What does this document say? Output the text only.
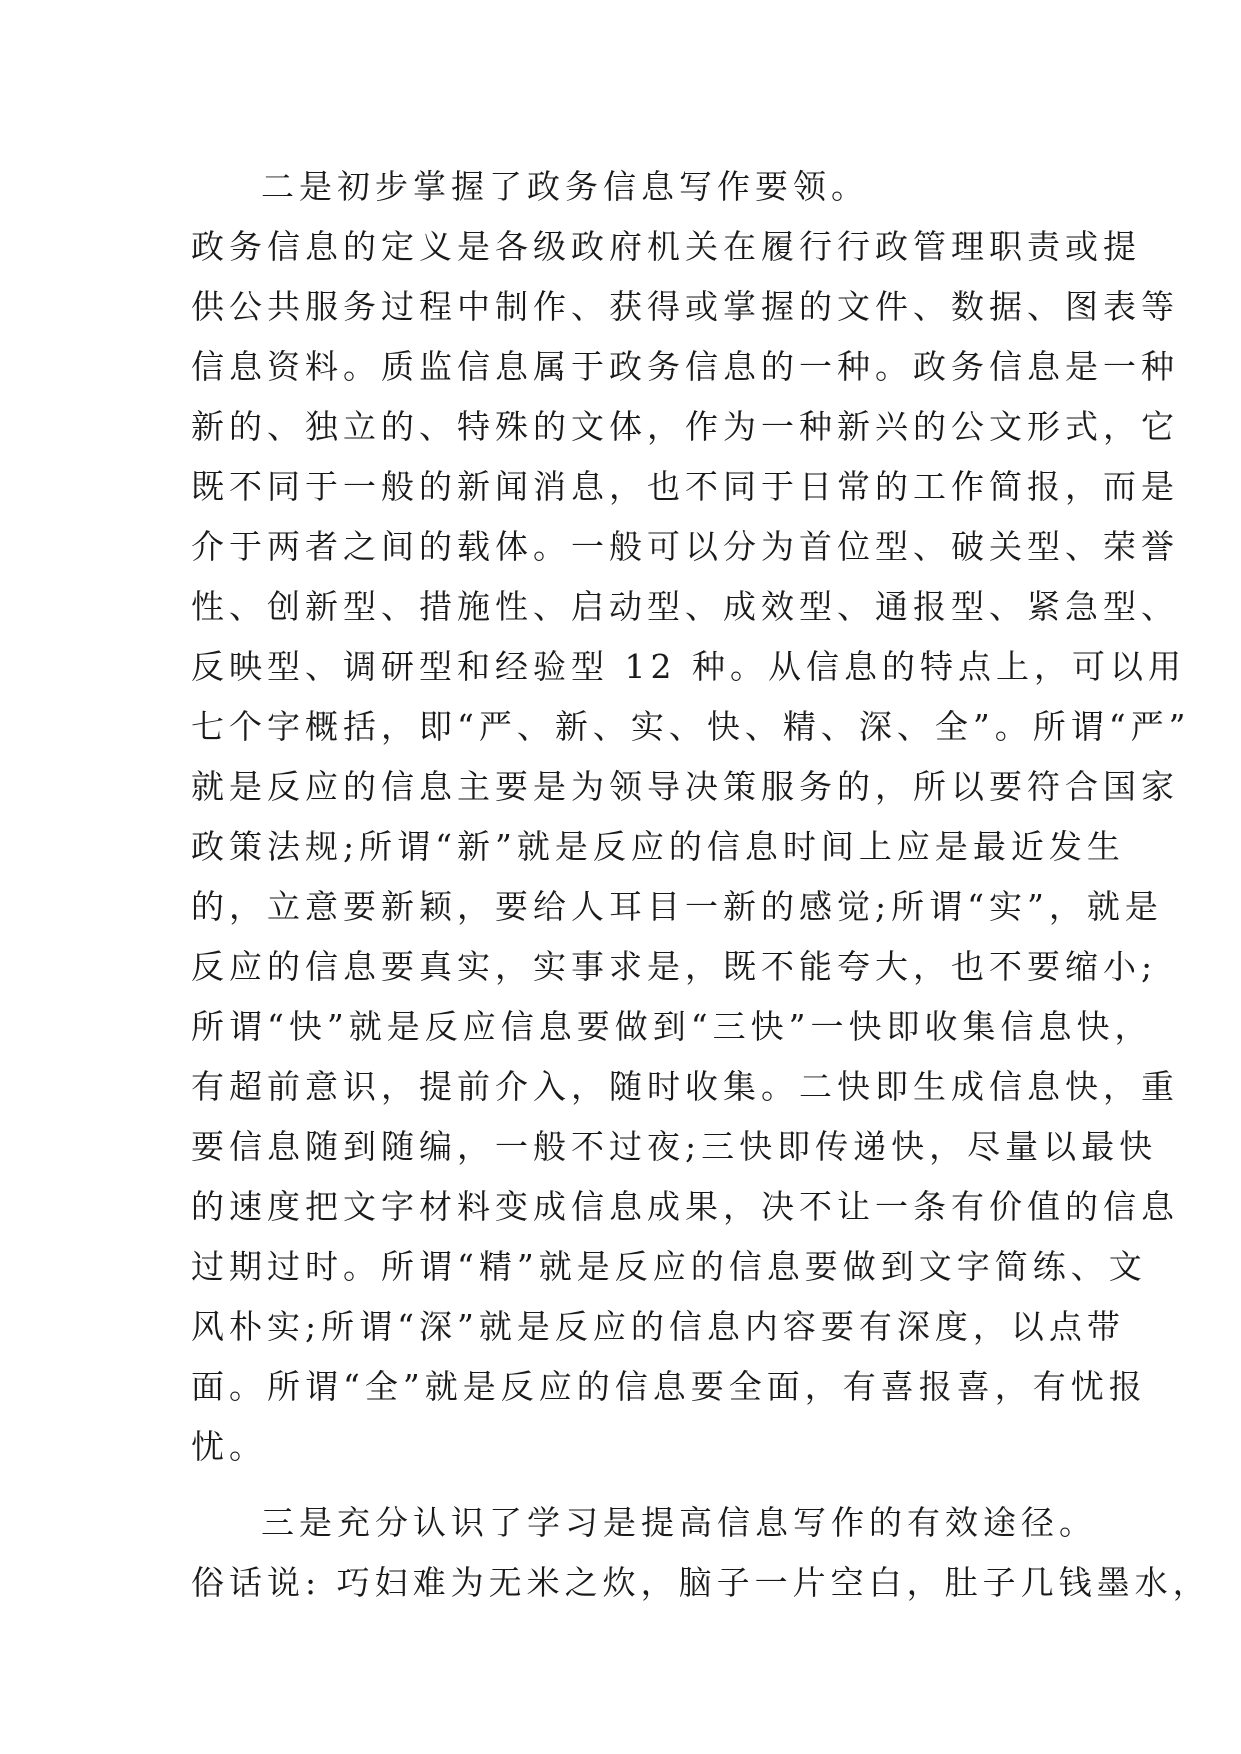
二是初步掌握了政务信息写作要领。
政务信息的定义是各级政府机关在履行行政管理职责或提
供公共服务过程中制作、获得或掌握的文件、数据、图表等
信息资料。质监信息属于政务信息的一种。政务信息是一种
新的、独立的、特殊的文体，作为一种新兴的公文形式，它
既不同于一般的新闻消息，也不同于日常的工作简报，而是
介于两者之间的载体。一般可以分为首位型、破关型、荣誉
性、创新型、措施性、启动型、成效型、通报型、紧急型、
反映型、调研型和经验型 12 种。从信息的特点上，可以用
七个字概括，即“严、新、实、快、精、深、全”。所谓“严”
就是反应的信息主要是为领导决策服务的，所以要符合国家
政策法规;所谓“新”就是反应的信息时间上应是最近发生
的，立意要新颖，要给人耳目一新的感觉;所谓“实”，就是
反应的信息要真实，实事求是，既不能夸大，也不要缩小;
所谓“快”就是反应信息要做到“三快”一快即收集信息快，
有超前意识，提前介入，随时收集。二快即生成信息快，重
要信息随到随编，一般不过夜;三快即传递快，尽量以最快
的速度把文字材料变成信息成果，决不让一条有价值的信息
过期过时。所谓“精”就是反应的信息要做到文字简练、文
风朴实;所谓“深”就是反应的信息内容要有深度，以点带
面。所谓“全”就是反应的信息要全面，有喜报喜，有忧报
忧。
三是充分认识了学习是提高信息写作的有效途径。
俗话说: 巧妇难为无米之炊，脑子一片空白，肚子几钱墨水，
